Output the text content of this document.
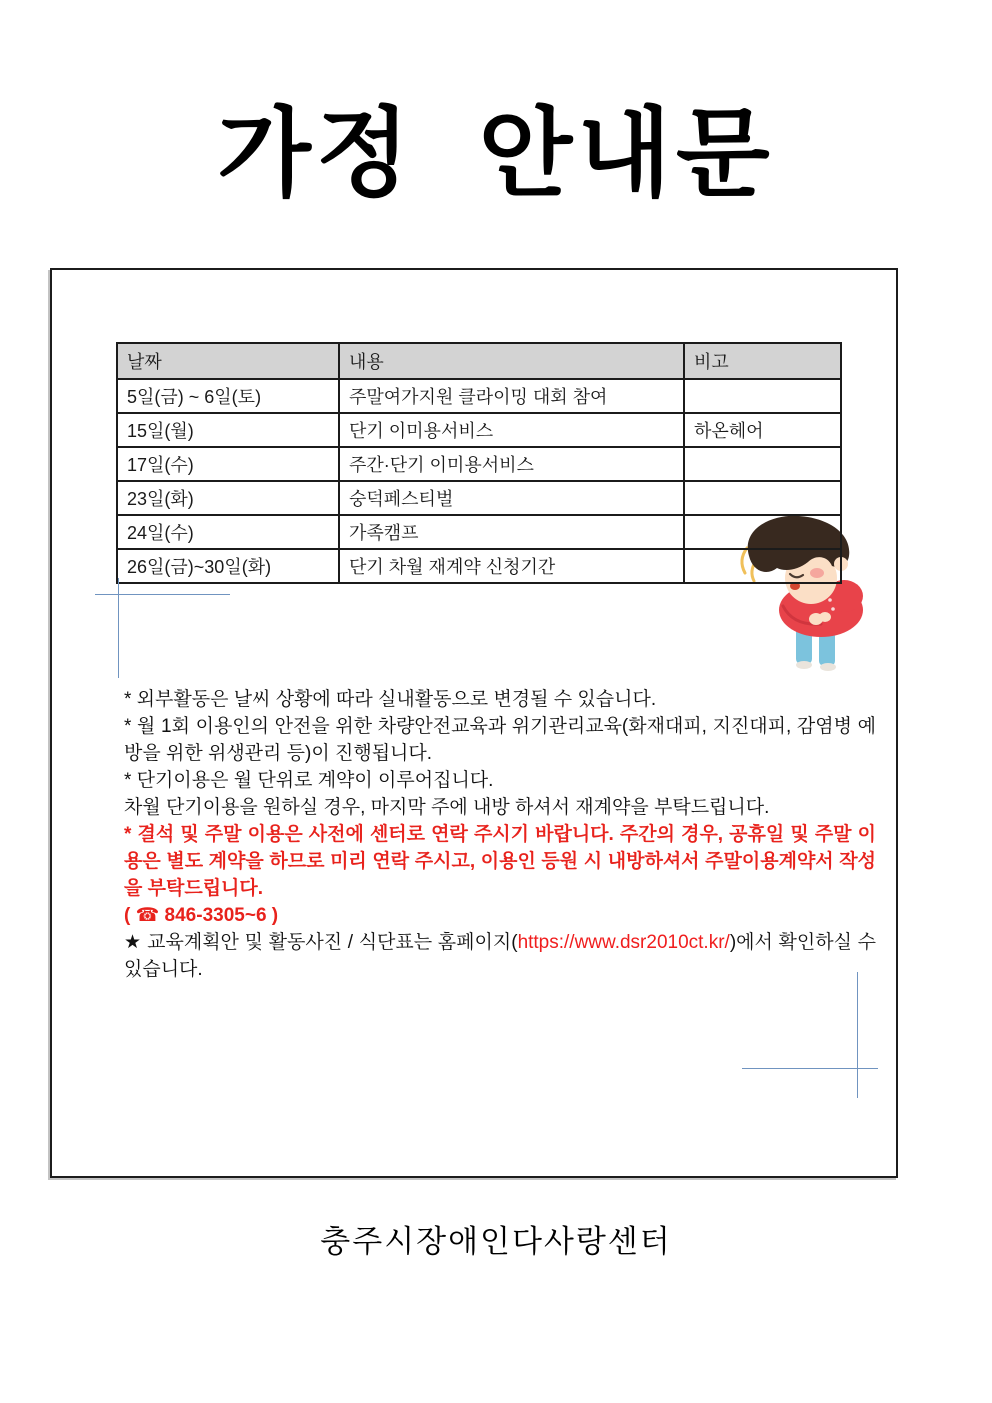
가정  안내문
날짜	내용	비고
5일(금) ~ 6일(토)	주말여가지원 클라이밍 대회 참여	
15일(월)	단기 이미용서비스	하온헤어
17일(수)	주간·단기 이미용서비스	
23일(화)	숭덕페스티벌	
24일(수)	가족캠프	
26일(금)~30일(화)	단기 차월 재계약 신청기간	

* 외부활동은 날씨 상황에 따라 실내활동으로 변경될 수 있습니다.

* 월 1회 이용인의 안전을 위한 차량안전교육과 위기관리교육(화재대피, 지진대피, 감염병 예방을 위한 위생관리 등)이 진행됩니다.

* 단기이용은 월 단위로 계약이 이루어집니다.

차월 단기이용을 원하실 경우, 마지막 주에 내방 하셔서 재계약을 부탁드립니다.

* 결석 및 주말 이용은 사전에 센터로 연락 주시기 바랍니다. 주간의 경우, 공휴일 및 주말 이용은 별도 계약을 하므로 미리 연락 주시고, 이용인 등원 시 내방하셔서 주말이용계약서 작성을 부탁드립니다.

( ☎ 846-3305~6 )

★ 교육계획안 및 활동사진 / 식단표는 홈페이지(https://www.dsr2010ct.kr/)에서 확인하실 수 있습니다.

충주시장애인다사랑센터
